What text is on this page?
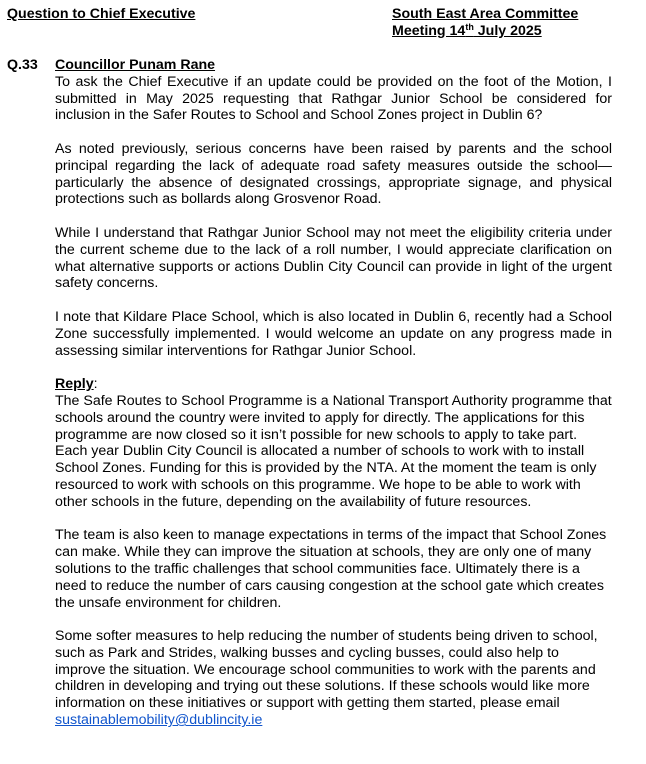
Question to Chief Executive	South East Area Committee
Meeting 14th July 2025
Q.33 Councillor Punam Rane

To ask the Chief Executive if an update could be provided on the foot of the Motion, I submitted in May 2025 requesting that Rathgar Junior School be considered for inclusion in the Safer Routes to School and School Zones project in Dublin 6?

As noted previously, serious concerns have been raised by parents and the school principal regarding the lack of adequate road safety measures outside the school—particularly the absence of designated crossings, appropriate signage, and physical protections such as bollards along Grosvenor Road.

While I understand that Rathgar Junior School may not meet the eligibility criteria under the current scheme due to the lack of a roll number, I would appreciate clarification on what alternative supports or actions Dublin City Council can provide in light of the urgent safety concerns.

I note that Kildare Place School, which is also located in Dublin 6, recently had a School Zone successfully implemented. I would welcome an update on any progress made in assessing similar interventions for Rathgar Junior School.

Reply:

The Safe Routes to School Programme is a National Transport Authority programme that schools around the country were invited to apply for directly. The applications for this programme are now closed so it isn’t possible for new schools to apply to take part. Each year Dublin City Council is allocated a number of schools to work with to install School Zones. Funding for this is provided by the NTA. At the moment the team is only resourced to work with schools on this programme. We hope to be able to work with other schools in the future, depending on the availability of future resources.

The team is also keen to manage expectations in terms of the impact that School Zones can make. While they can improve the situation at schools, they are only one of many solutions to the traffic challenges that school communities face. Ultimately there is a need to reduce the number of cars causing congestion at the school gate which creates the unsafe environment for children.

Some softer measures to help reducing the number of students being driven to school, such as Park and Strides, walking busses and cycling busses, could also help to improve the situation. We encourage school communities to work with the parents and children in developing and trying out these solutions. If these schools would like more information on these initiatives or support with getting them started, please email sustainablemobility@dublincity.ie
